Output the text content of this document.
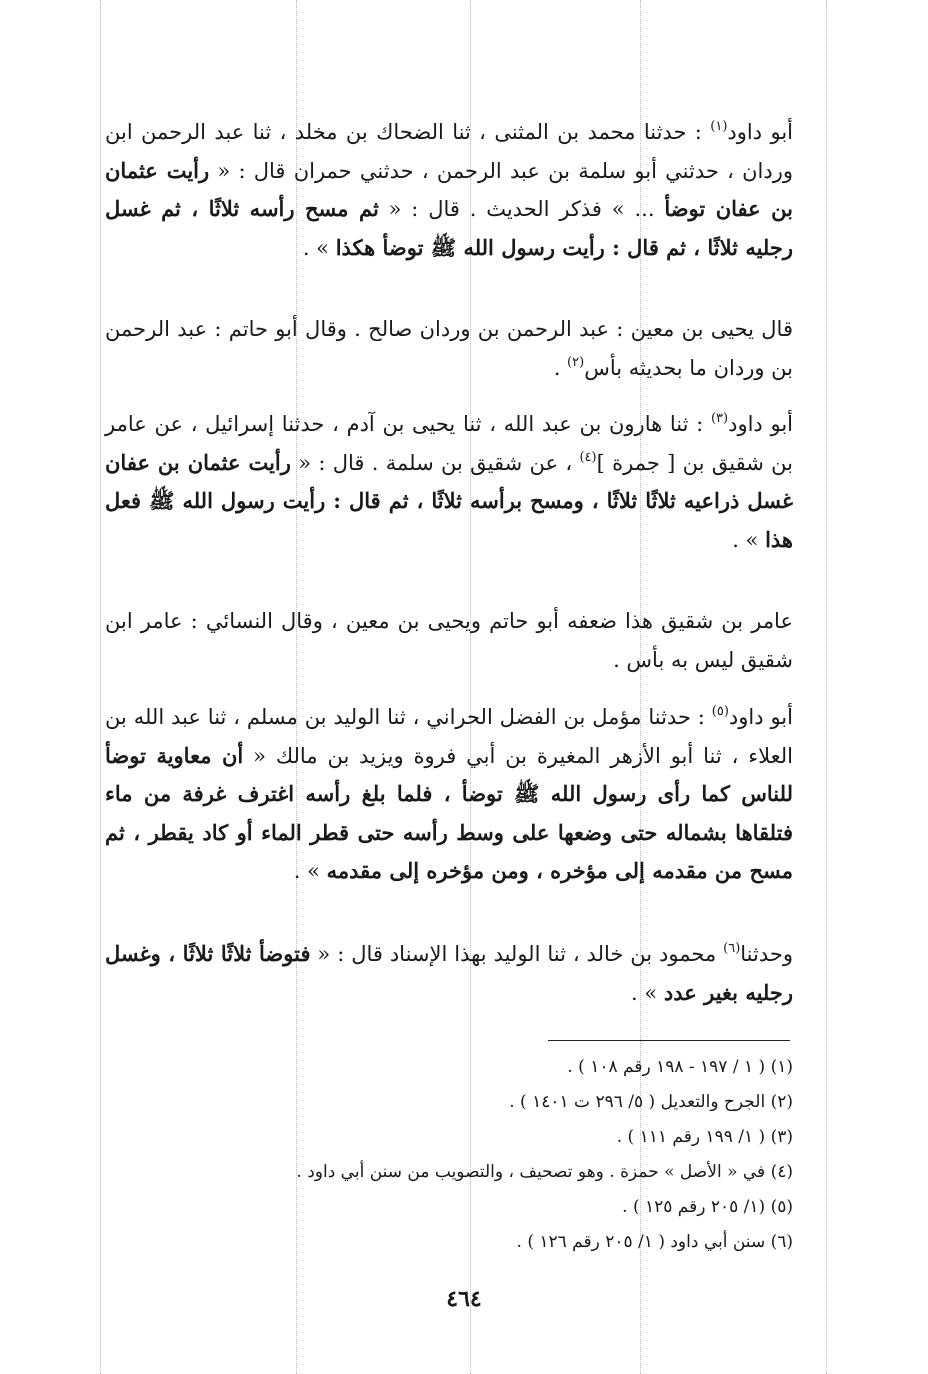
أبو داود$^{(١)}$ : حدثنا محمد بن المثنى ، ثنا الضحاك بن مخلد ، ثنا عبد الرحمن ابن وردان ، حدثني أبو سلمة بن عبد الرحمن ، حدثني حمران قال : « رأيت عثمان بن عفان توضأ ... » فذكر الحديث . قال : « ثم مسح رأسه ثلاثًا ، ثم غسل رجليه ثلاثًا ، ثم قال : رأيت رسول الله ﷺ توضأ هكذا » .

قال يحيى بن معين : عبد الرحمن بن وردان صالح . وقال أبو حاتم : عبد الرحمن بن وردان ما بحديثه بأس$^{(٢)}$ .

أبو داود$^{(٣)}$ : ثنا هارون بن عبد الله ، ثنا يحيى بن آدم ، حدثنا إسرائيل ، عن عامر بن شقيق بن [ جمرة ]$^{(٤)}$ ، عن شقيق بن سلمة . قال : « رأيت عثمان بن عفان غسل ذراعيه ثلاثًا ثلاثًا ، ومسح برأسه ثلاثًا ، ثم قال : رأيت رسول الله ﷺ فعل هذا » .

عامر بن شقيق هذا ضعفه أبو حاتم ويحيى بن معين ، وقال النسائي : عامر ابن شقيق ليس به بأس .

أبو داود$^{(٥)}$ : حدثنا مؤمل بن الفضل الحراني ، ثنا الوليد بن مسلم ، ثنا عبد الله بن العلاء ، ثنا أبو الأزهر المغيرة بن أبي فروة ويزيد بن مالك « أن معاوية توضأ للناس كما رأى رسول الله ﷺ توضأ ، فلما بلغ رأسه اغترف غرفة من ماء فتلقاها بشماله حتى وضعها على وسط رأسه حتى قطر الماء أو كاد يقطر ، ثم مسح من مقدمه إلى مؤخره ، ومن مؤخره إلى مقدمه » .

وحدثنا$^{(٦)}$ محمود بن خالد ، ثنا الوليد بهذا الإسناد قال : « فتوضأ ثلاثًا ثلاثًا ، وغسل رجليه بغير عدد » .

(١) ( ١ / ١٩٧ - ١٩٨ رقم ١٠٨ ) .
(٢) الجرح والتعديل ( ٥/ ٢٩٦ ت ١٤٠١ ) .
(٣) ( ١/ ١٩٩ رقم ١١١ ) .
(٤) في « الأصل » حمزة . وهو تصحيف ، والتصويب من سنن أبي داود .
(٥) (١/ ٢٠٥ رقم ١٢٥ ) .
(٦) سنن أبي داود ( ١/ ٢٠٥ رقم ١٢٦ ) .
٤٦٤
